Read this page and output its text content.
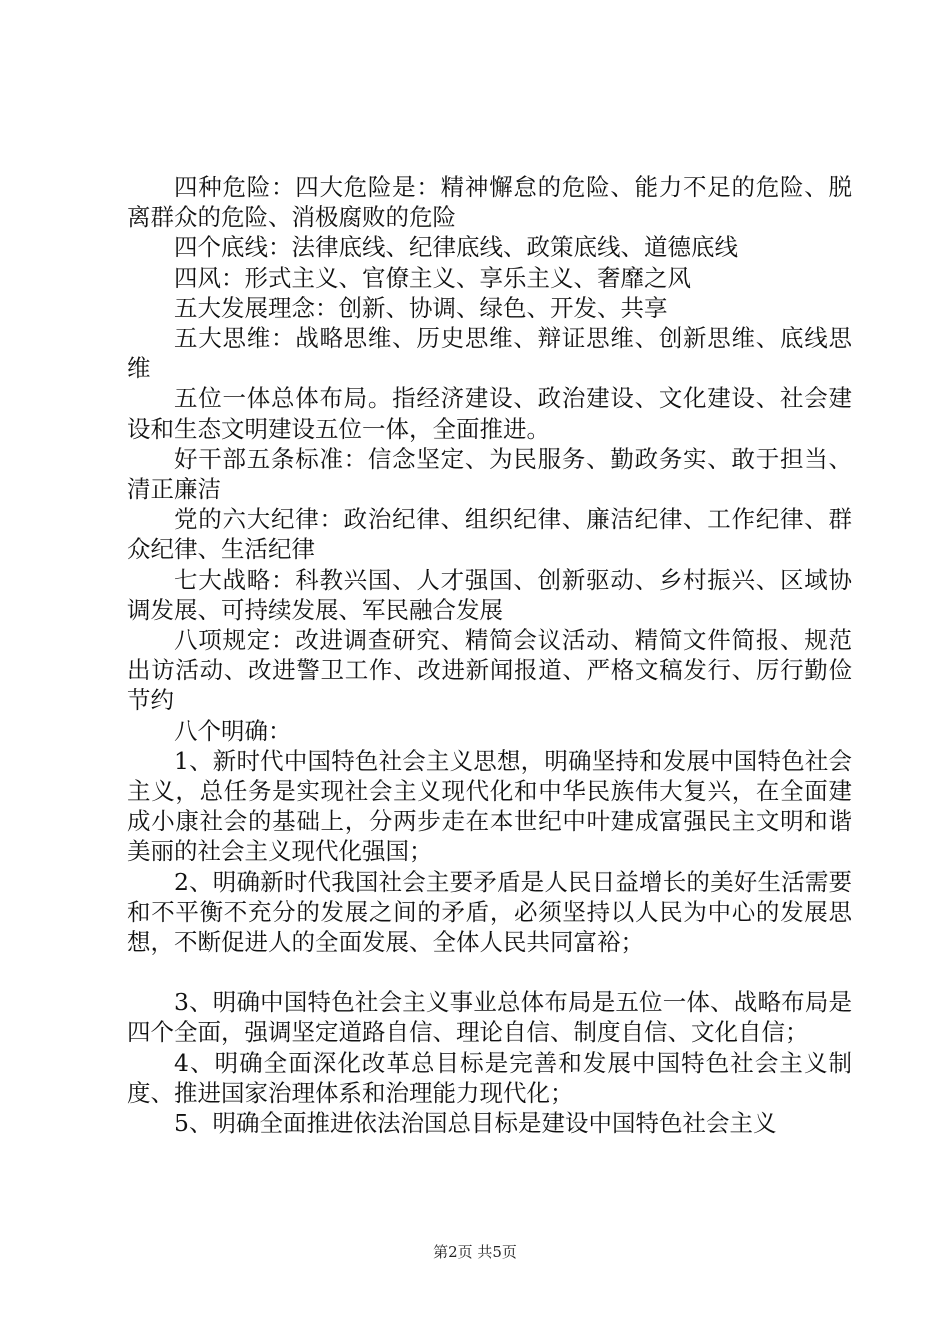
四种危险：四大危险是：精神懈怠的危险、能力不足的危险、脱离群众的危险、消极腐败的危险

四个底线：法律底线、纪律底线、政策底线、道德底线

四风：形式主义、官僚主义、享乐主义、奢靡之风

五大发展理念：创新、协调、绿色、开发、共享

五大思维：战略思维、历史思维、辩证思维、创新思维、底线思维

五位一体总体布局。指经济建设、政治建设、文化建设、社会建设和生态文明建设五位一体，全面推进。

好干部五条标准：信念坚定、为民服务、勤政务实、敢于担当、清正廉洁

党的六大纪律：政治纪律、组织纪律、廉洁纪律、工作纪律、群众纪律、生活纪律

七大战略：科教兴国、人才强国、创新驱动、乡村振兴、区域协调发展、可持续发展、军民融合发展

八项规定：改进调查研究、精简会议活动、精简文件简报、规范出访活动、改进警卫工作、改进新闻报道、严格文稿发行、厉行勤俭节约

八个明确：

1、新时代中国特色社会主义思想，明确坚持和发展中国特色社会主义，总任务是实现社会主义现代化和中华民族伟大复兴，在全面建成小康社会的基础上，分两步走在本世纪中叶建成富强民主文明和谐美丽的社会主义现代化强国；

2、明确新时代我国社会主要矛盾是人民日益增长的美好生活需要和不平衡不充分的发展之间的矛盾，必须坚持以人民为中心的发展思想，不断促进人的全面发展、全体人民共同富裕；

3、明确中国特色社会主义事业总体布局是五位一体、战略布局是四个全面，强调坚定道路自信、理论自信、制度自信、文化自信；

4、明确全面深化改革总目标是完善和发展中国特色社会主义制度、推进国家治理体系和治理能力现代化；

5、明确全面推进依法治国总目标是建设中国特色社会主义

第2页 共5页
